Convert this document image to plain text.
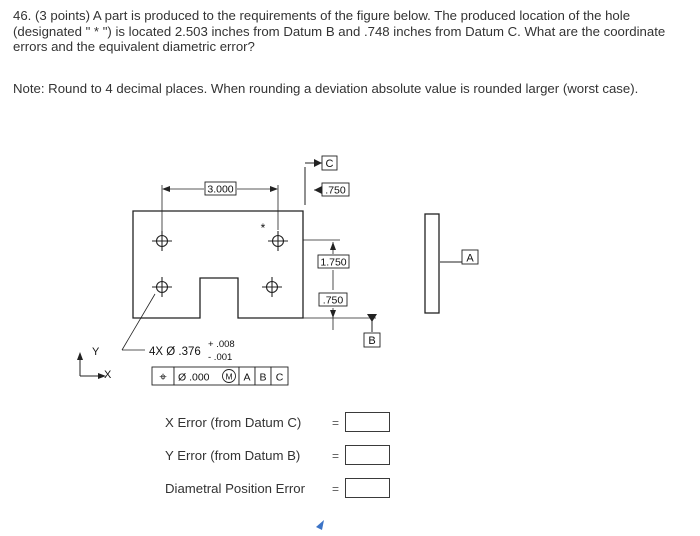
46. (3 points) A part is produced to the requirements of the figure below. The produced location of the hole (designated " * ") is located 2.503 inches from Datum B and .748 inches from Datum C. What are the coordinate errors and the equivalent diametric error?
Note: Round to 4 decimal places. When rounding a deviation absolute value is rounded larger (worst case).
3.000	.750
C
1.750
.750
B
A
*
4X Ø .376
+ .008
- .001
⌖ Ø .000	A B C
Y
X	M
X Error (from Datum C)	=
Y Error (from Datum B)	=
Diametral Position Error =
